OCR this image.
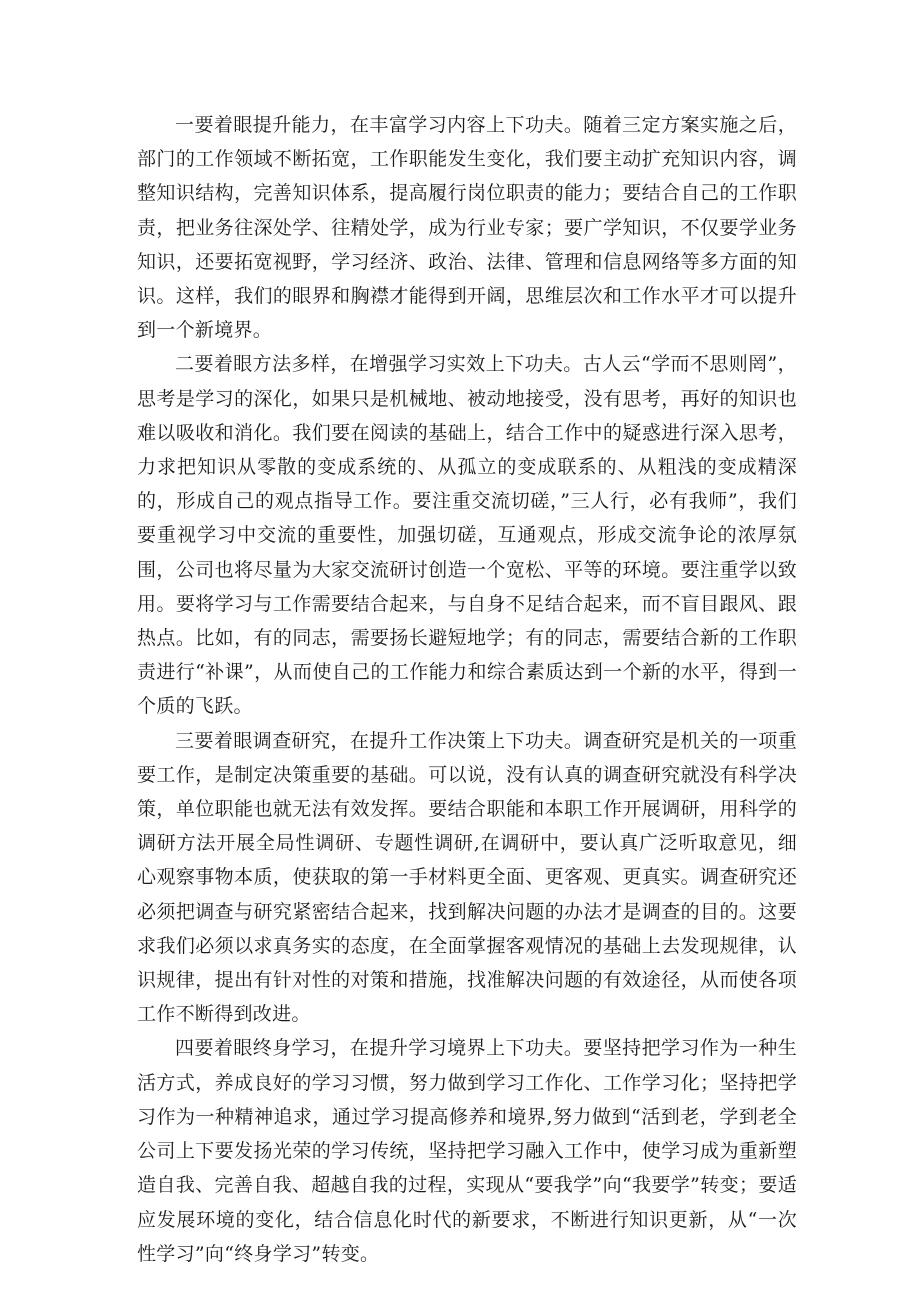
一要着眼提升能力，在丰富学习内容上下功夫。随着三定方案实施之后，部门的工作领域不断拓宽，工作职能发生变化，我们要主动扩充知识内容，调整知识结构，完善知识体系，提高履行岗位职责的能力；要结合自己的工作职责，把业务往深处学、往精处学，成为行业专家；要广学知识，不仅要学业务知识，还要拓宽视野，学习经济、政治、法律、管理和信息网络等多方面的知识。这样，我们的眼界和胸襟才能得到开阔，思维层次和工作水平才可以提升到一个新境界。

二要着眼方法多样，在增强学习实效上下功夫。古人云“学而不思则罔”，思考是学习的深化，如果只是机械地、被动地接受，没有思考，再好的知识也难以吸收和消化。我们要在阅读的基础上，结合工作中的疑惑进行深入思考，力求把知识从零散的变成系统的、从孤立的变成联系的、从粗浅的变成精深的，形成自己的观点指导工作。要注重交流切磋，”三人行，必有我师”，我们要重视学习中交流的重要性，加强切磋，互通观点，形成交流争论的浓厚氛围，公司也将尽量为大家交流研讨创造一个宽松、平等的环境。要注重学以致用。要将学习与工作需要结合起来，与自身不足结合起来，而不盲目跟风、跟热点。比如，有的同志，需要扬长避短地学；有的同志，需要结合新的工作职责进行“补课”，从而使自己的工作能力和综合素质达到一个新的水平，得到一个质的飞跃。

三要着眼调查研究，在提升工作决策上下功夫。调查研究是机关的一项重要工作，是制定决策重要的基础。可以说，没有认真的调查研究就没有科学决策，单位职能也就无法有效发挥。要结合职能和本职工作开展调研，用科学的调研方法开展全局性调研、专题性调研,在调研中，要认真广泛听取意见，细心观察事物本质，使获取的第一手材料更全面、更客观、更真实。调查研究还必须把调查与研究紧密结合起来，找到解决问题的办法才是调查的目的。这要求我们必须以求真务实的态度，在全面掌握客观情况的基础上去发现规律，认识规律，提出有针对性的对策和措施，找准解决问题的有效途径，从而使各项工作不断得到改进。

四要着眼终身学习，在提升学习境界上下功夫。要坚持把学习作为一种生活方式，养成良好的学习习惯，努力做到学习工作化、工作学习化；坚持把学习作为一种精神追求，通过学习提高修养和境界,努力做到“活到老，学到老全公司上下要发扬光荣的学习传统，坚持把学习融入工作中，使学习成为重新塑造自我、完善自我、超越自我的过程，实现从“要我学”向“我要学”转变；要适应发展环境的变化，结合信息化时代的新要求，不断进行知识更新，从“一次性学习”向“终身学习”转变。
